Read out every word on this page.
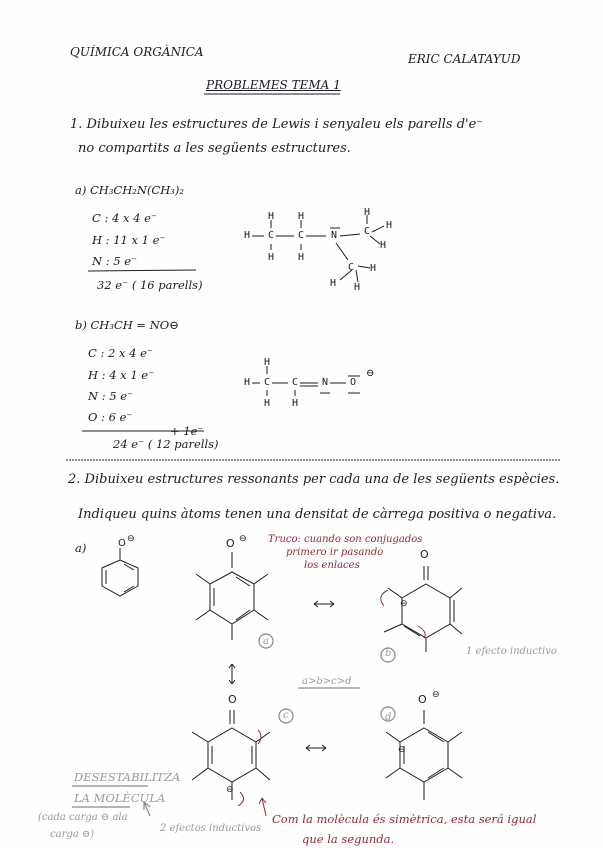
QUÍMICA ORGÀNICA	ERIC CALATAYUD
PROBLEMES TEMA 1
1. Dibuixeu les estructures de Lewis i senyaleu els parells d'e⁻
no compartits a les següents estructures.
a) CH₃CH₂N(CH₃)₂
C : 4 x 4 e⁻
H : 11 x 1 e⁻
N : 5 e⁻
32 e⁻ ( 16 parells)
H
H
H
H
H
H
H
H
H H
H
C C	N	C
C
b) CH₃CH = NO⊖
C : 2 x 4 e⁻
H : 4 x 1 e⁻
N : 5 e⁻
O : 6 e⁻
+ 1e⁻
24 e⁻ ( 12 parells)
H
H
H H
C C N O
⊖
2. Dibuixeu estructures ressonants per cada una de les següents espècies.
Indiqueu quins àtoms tenen una densitat de càrrega positiva o negativa.
a)
Truco: cuando son conjugados
primero ir pasando
los enlaces
a
b
c	d
a>b>c>d
1 efecto inductivo
2 efectos inductivos
DESESTABILITZA
LA MOLÈCULA
(cada carga ⊖ ala
carga ⊖)
Com la molècula és simètrica, esta será igual
que la segunda.
O ⊖	O ⊖
O
⊖
O
⊖
O ⊖
⊖
